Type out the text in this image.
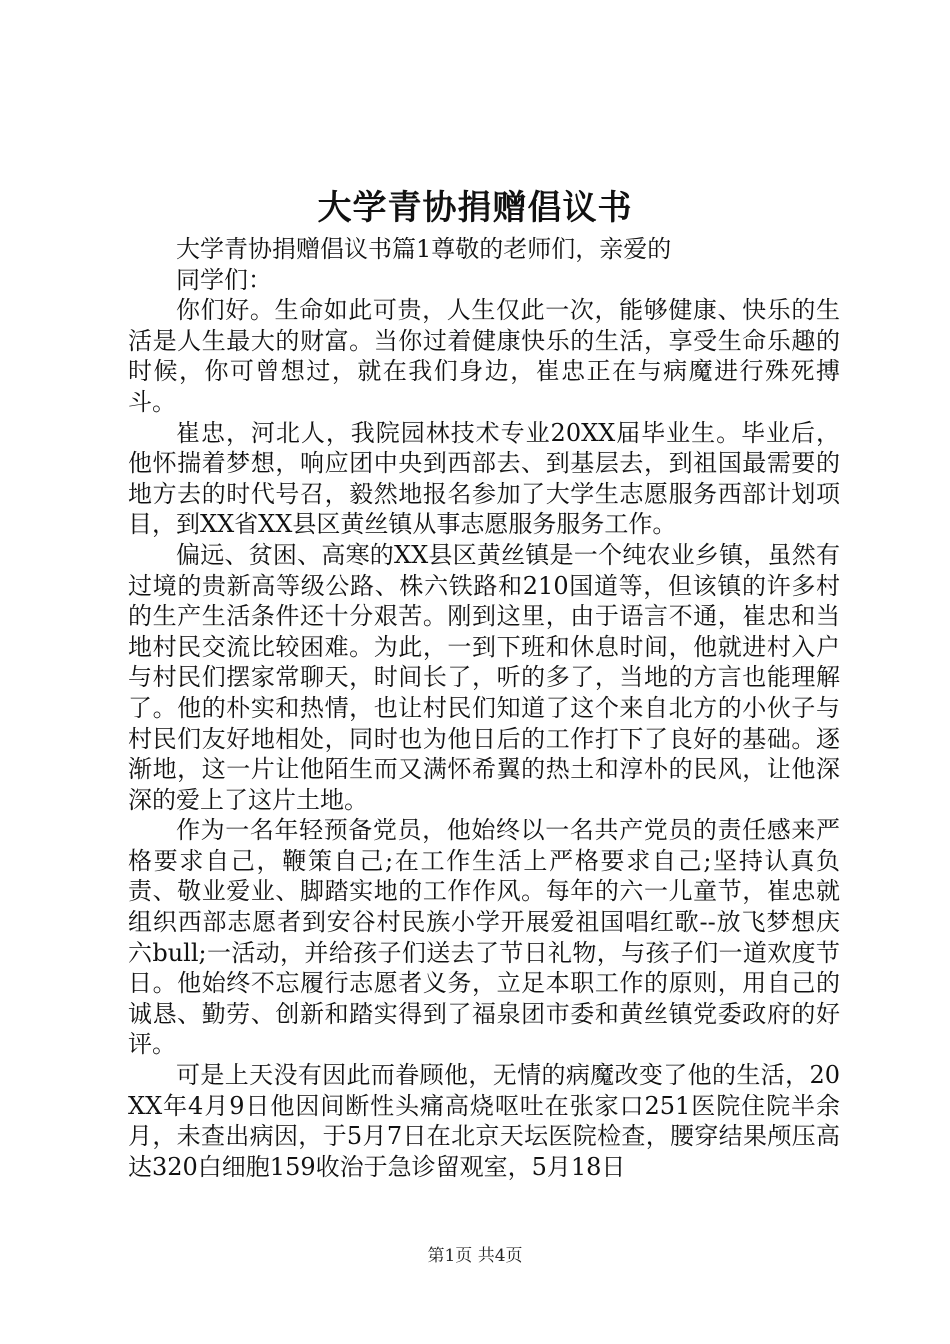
大学青协捐赠倡议书

大学青协捐赠倡议书篇1尊敬的老师们，亲爱的

同学们：

你们好。生命如此可贵，人生仅此一次，能够健康、快乐的生活是人生最大的财富。当你过着健康快乐的生活，享受生命乐趣的时候，你可曾想过，就在我们身边，崔忠正在与病魔进行殊死搏斗。

崔忠，河北人，我院园林技术专业20XX届毕业生。毕业后，他怀揣着梦想，响应团中央到西部去、到基层去，到祖国最需要的地方去的时代号召，毅然地报名参加了大学生志愿服务西部计划项目，到XX省XX县区黄丝镇从事志愿服务服务工作。

偏远、贫困、高寒的XX县区黄丝镇是一个纯农业乡镇，虽然有过境的贵新高等级公路、株六铁路和210国道等，但该镇的许多村的生产生活条件还十分艰苦。刚到这里，由于语言不通，崔忠和当地村民交流比较困难。为此，一到下班和休息时间，他就进村入户与村民们摆家常聊天，时间长了，听的多了，当地的方言也能理解了。他的朴实和热情，也让村民们知道了这个来自北方的小伙子与村民们友好地相处，同时也为他日后的工作打下了良好的基础。逐渐地，这一片让他陌生而又满怀希翼的热土和淳朴的民风，让他深深的爱上了这片土地。

作为一名年轻预备党员，他始终以一名共产党员的责任感来严格要求自己，鞭策自己;在工作生活上严格要求自己;坚持认真负责、敬业爱业、脚踏实地的工作作风。每年的六一儿童节，崔忠就组织西部志愿者到安谷村民族小学开展爱祖国唱红歌--放飞梦想庆六bull;一活动，并给孩子们送去了节日礼物，与孩子们一道欢度节日。他始终不忘履行志愿者义务，立足本职工作的原则，用自己的诚恳、勤劳、创新和踏实得到了福泉团市委和黄丝镇党委政府的好评。

可是上天没有因此而眷顾他，无情的病魔改变了他的生活，20XX年4月9日他因间断性头痛高烧呕吐在张家口251医院住院半余月，未查出病因，于5月7日在北京天坛医院检查，腰穿结果颅压高达320白细胞159收治于急诊留观室，5月18日

第1页 共4页
